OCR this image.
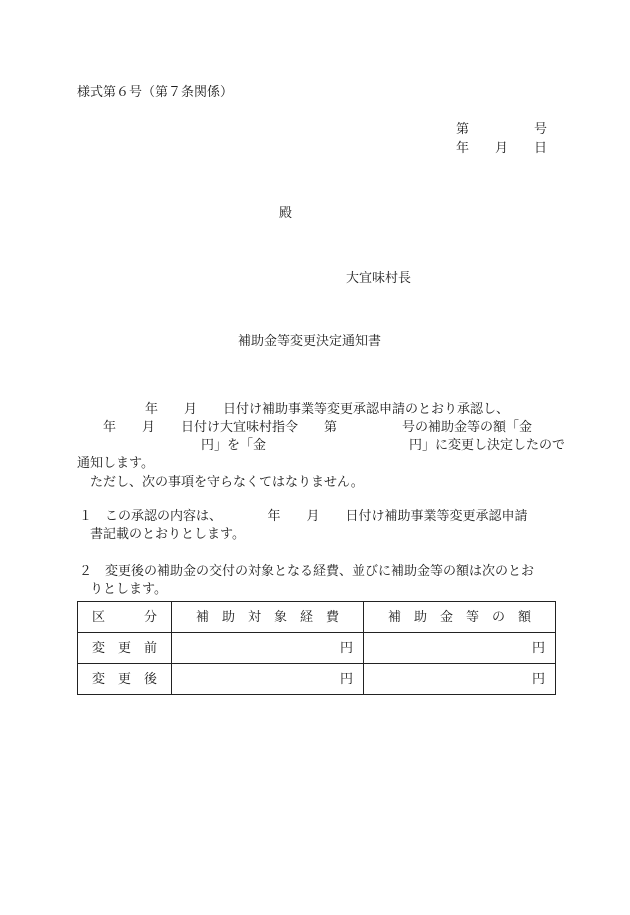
様式第６号（第７条関係）
第　　　　　号
年　　月　　日
殿
大宜味村長
補助金等変更決定通知書
年　　月　　日付け補助事業等変更承認申請のとおり承認し、
年　　月　　日付け大宜味村指令　　第　　　　　号の補助金等の額「金
円」を「金　　　　　　　　　　　円」に変更し決定したので
通知します。
ただし、次の事項を守らなくてはなりません。
１　この承認の内容は、　　　　年　　月　　日付け補助事業等変更承認申請
書記載のとおりとします。
２　変更後の補助金の交付の対象となる経費、並びに補助金等の額は次のとお
りとします。
区　　　分	補　助　対　象　経　費	補　助　金　等　の　額
変　更　前	円	円
変　更　後	円	円
